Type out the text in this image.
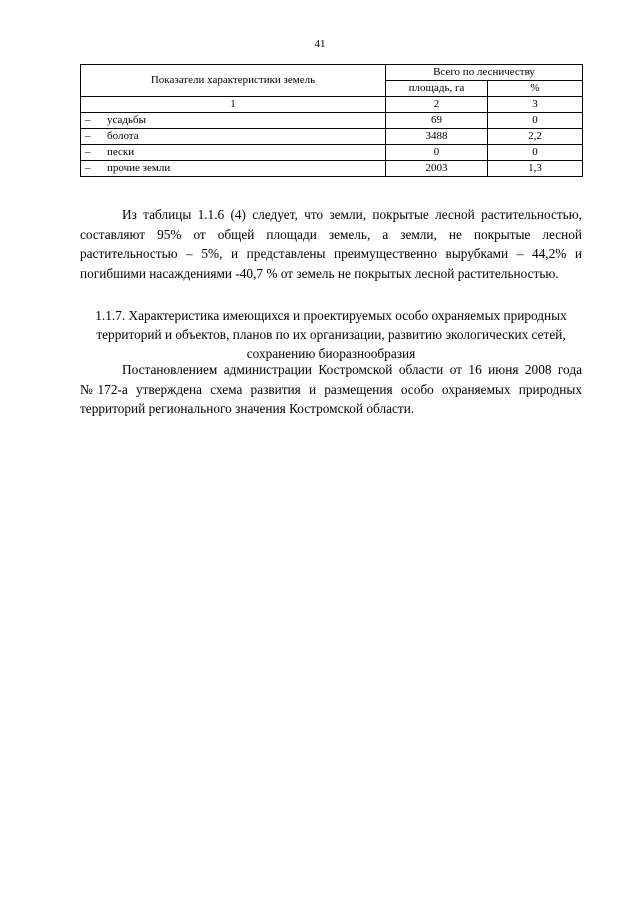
41
Показатели характеристики земель	Всего по лесничеству	
	площадь, га	%
1	2	3
– усадьбы	69	0
– болота	3488	2,2
– пески	0	0
– прочие земли	2003	1,3

Из таблицы 1.1.6 (4) следует, что земли, покрытые лесной растительностью, составляют 95% от общей площади земель, а земли, не покрытые лесной растительностью – 5%, и представлены преимущественно вырубками – 44,2% и погибшими насаждениями -40,7 % от земель не покрытых лесной растительностью.

1.1.7. Характеристика имеющихся и проектируемых особо охраняемых природных территорий и объектов, планов по их организации, развитию экологических сетей, сохранению биоразнообразия

Постановлением администрации Костромской области от 16 июня 2008 года №172-а утверждена схема развития и размещения особо охраняемых природных территорий регионального значения Костромской области.
